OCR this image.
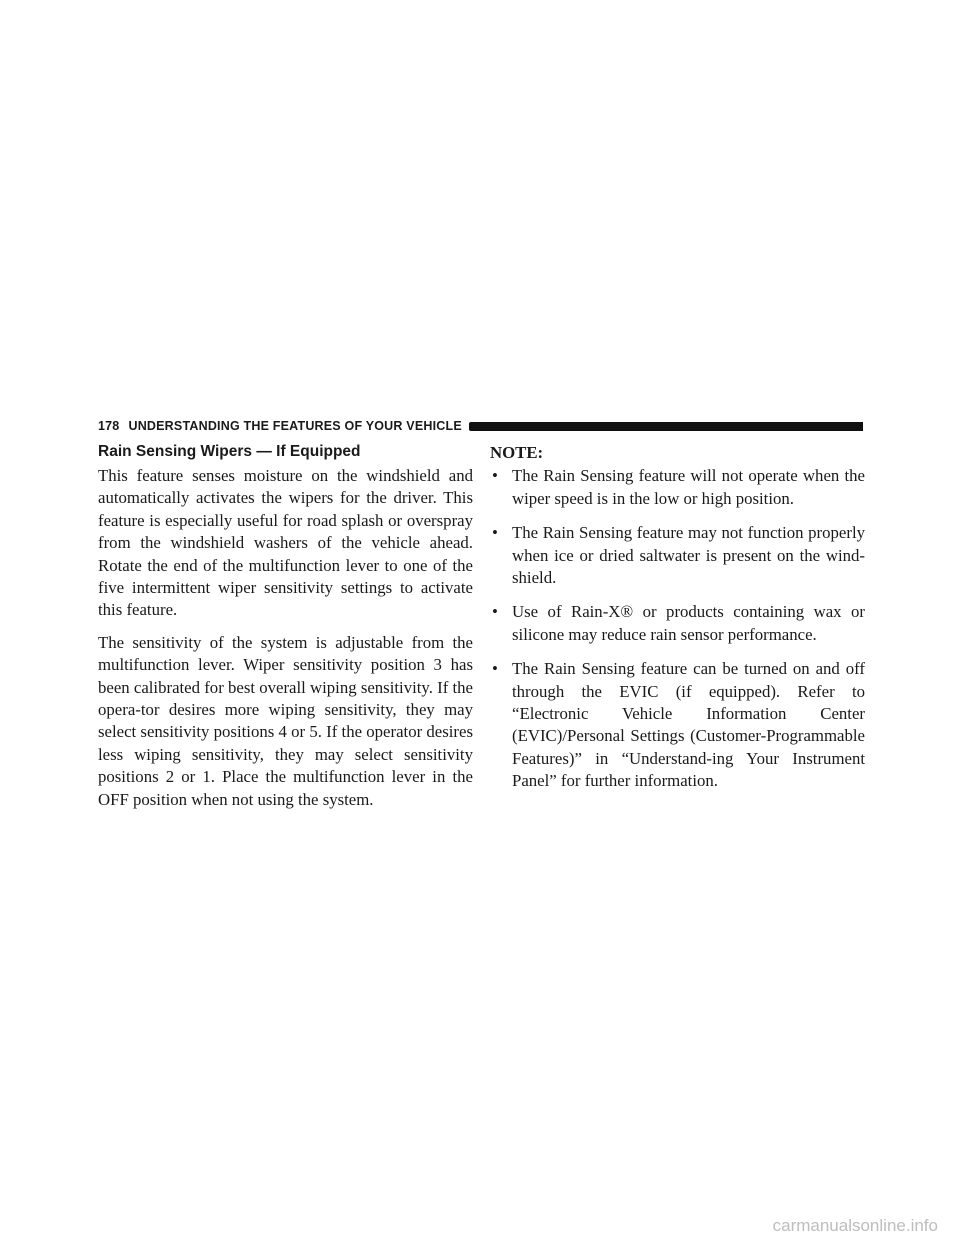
178 UNDERSTANDING THE FEATURES OF YOUR VEHICLE
Rain Sensing Wipers — If Equipped

This feature senses moisture on the windshield and automatically activates the wipers for the driver. This feature is especially useful for road splash or overspray from the windshield washers of the vehicle ahead. Rotate the end of the multifunction lever to one of the five intermittent wiper sensitivity settings to activate this feature.

The sensitivity of the system is adjustable from the multifunction lever. Wiper sensitivity position 3 has been calibrated for best overall wiping sensitivity. If the opera-tor desires more wiping sensitivity, they may select sensitivity positions 4 or 5. If the operator desires less wiping sensitivity, they may select sensitivity positions 2 or 1. Place the multifunction lever in the OFF position when not using the system.

NOTE:
• The Rain Sensing feature will not operate when the wiper speed is in the low or high position.
• The Rain Sensing feature may not function properly when ice or dried saltwater is present on the wind-shield.
• Use of Rain-X® or products containing wax or silicone may reduce rain sensor performance.
• The Rain Sensing feature can be turned on and off through the EVIC (if equipped). Refer to “Electronic Vehicle Information Center (EVIC)/Personal Settings (Customer-Programmable Features)” in “Understand-ing Your Instrument Panel” for further information.
carmanualsonline.info
